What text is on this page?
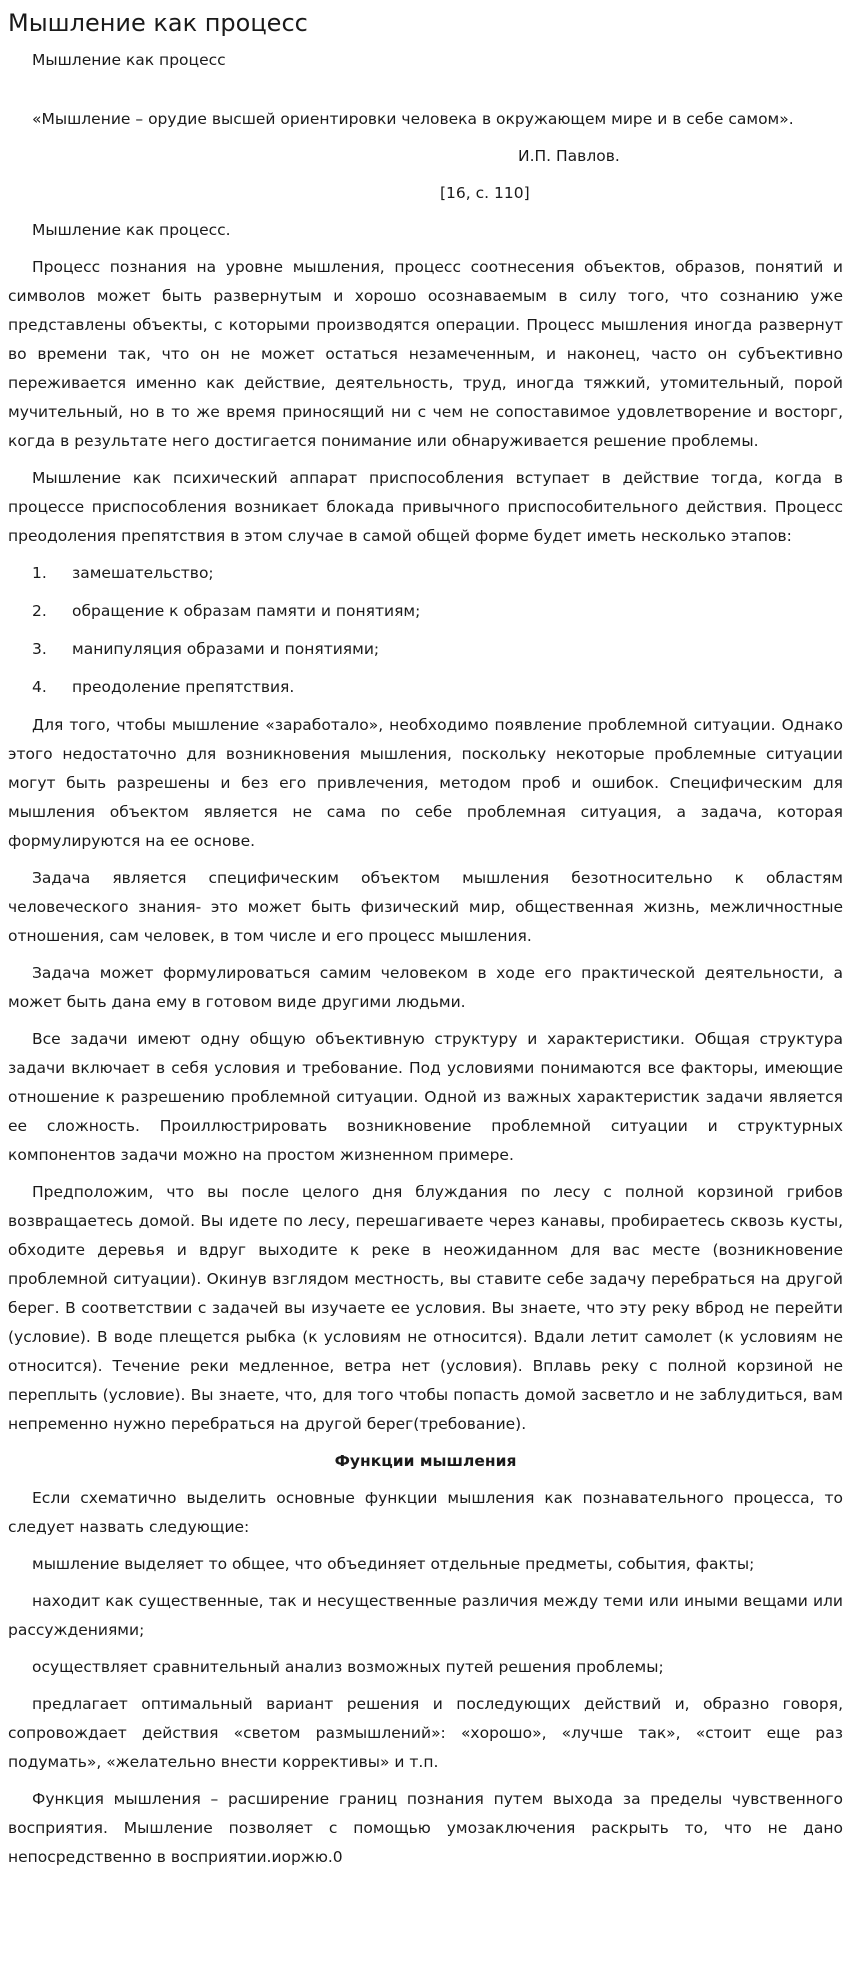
Мышление как процесс
Мышление как процесс
«Мышление – орудие высшей ориентировки человека в окружающем мире и в себе самом».
И.П. Павлов.
[16, с. 110]
Мышление как процесс.

Процесс познания на уровне мышления, процесс соотнесения объектов, образов, понятий и символов может быть развернутым и хорошо осознаваемым в силу того, что сознанию уже представлены объекты, с которыми производятся операции. Процесс мышления иногда развернут во времени так, что он не может остаться незамеченным, и наконец, часто он субъективно переживается именно как действие, деятельность, труд, иногда тяжкий, утомительный, порой мучительный, но в то же время приносящий ни с чем не сопоставимое удовлетворение и восторг, когда в результате него достигается понимание или обнаруживается решение проблемы.

Мышление как психический аппарат приспособления вступает в действие тогда, когда в процессе приспособления возникает блокада привычного приспособительного действия. Процесс преодоления препятствия в этом случае в самой общей форме будет иметь несколько этапов:

1.	замешательство;
2.	обращение к образам памяти и понятиям;
3.	манипуляция образами и понятиями;
4.	преодоление препятствия.

Для того, чтобы мышление «заработало», необходимо появление проблемной ситуации. Однако этого недостаточно для возникновения мышления, поскольку некоторые проблемные ситуации могут быть разрешены и без его привлечения, методом проб и ошибок. Специфическим для мышления объектом является не сама по себе проблемная ситуация, а задача, которая формулируются на ее основе.

Задача является специфическим объектом мышления безотносительно к областям человеческого знания- это может быть физический мир, общественная жизнь, межличностные отношения, сам человек, в том числе и его процесс мышления.

Задача может формулироваться самим человеком в ходе его практической деятельности, а может быть дана ему в готовом виде другими людьми.

Все задачи имеют одну общую объективную структуру и характеристики. Общая структура задачи включает в себя условия и требование. Под условиями понимаются все факторы, имеющие отношение к разрешению проблемной ситуации. Одной из важных характеристик задачи является ее сложность. Проиллюстрировать возникновение проблемной ситуации и структурных компонентов задачи можно на простом жизненном примере.

Предположим, что вы после целого дня блуждания по лесу с полной корзиной грибов возвращаетесь домой. Вы идете по лесу, перешагиваете через канавы, пробираетесь сквозь кусты, обходите деревья и вдруг выходите к реке в неожиданном для вас месте (возникновение проблемной ситуации). Окинув взглядом местность, вы ставите себе задачу перебраться на другой берег. В соответствии с задачей вы изучаете ее условия. Вы знаете, что эту реку вброд не перейти (условие). В воде плещется рыбка (к условиям не относится). Вдали летит самолет (к условиям не относится). Течение реки медленное, ветра нет (условия). Вплавь реку с полной корзиной не переплыть (условие). Вы знаете, что, для того чтобы попасть домой засветло и не заблудиться, вам непременно нужно перебраться на другой берег(требование).

Функции мышления

Если схематично выделить основные функции мышления как познавательного процесса, то следует назвать следующие:

мышление выделяет то общее, что объединяет отдельные предметы, события, факты;

находит как существенные, так и несущественные различия между теми или иными вещами или рассуждениями;

осуществляет сравнительный анализ возможных путей решения проблемы;

предлагает оптимальный вариант решения и последующих действий и, образно говоря, сопровождает действия «светом размышлений»: «хорошо», «лучше так», «стоит еще раз подумать», «желательно внести коррективы» и т.п.

Функция мышления – расширение границ познания путем выхода за пределы чувственного восприятия. Мышление позволяет с помощью умозаключения раскрыть то, что не дано непосредственно в восприятии.иоржю.0
